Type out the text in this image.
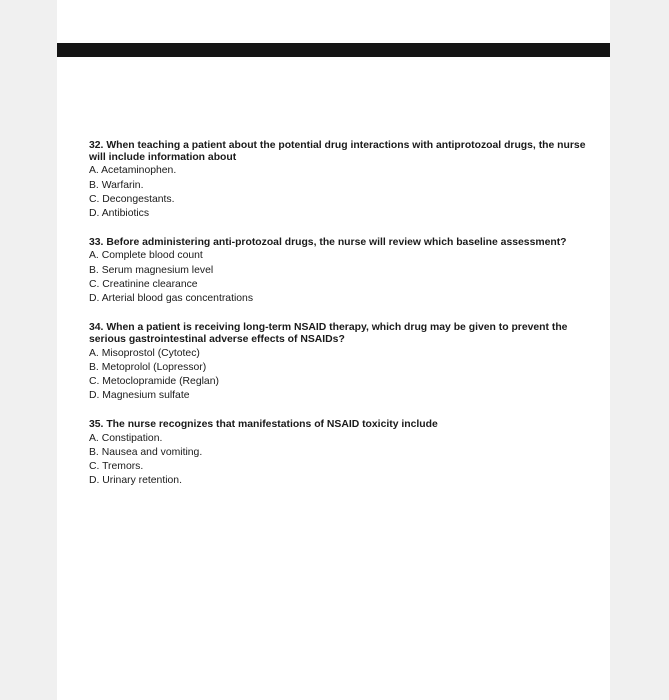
32. When teaching a patient about the potential drug interactions with antiprotozoal drugs, the nurse will include information about

A. Acetaminophen.
B. Warfarin.
C. Decongestants.
D. Antibiotics

33. Before administering anti-protozoal drugs, the nurse will review which baseline assessment?

A. Complete blood count
B. Serum magnesium level
C. Creatinine clearance
D. Arterial blood gas concentrations

34. When a patient is receiving long-term NSAID therapy, which drug may be given to prevent the serious gastrointestinal adverse effects of NSAIDs?

A. Misoprostol (Cytotec)
B. Metoprolol (Lopressor)
C. Metoclopramide (Reglan)
D. Magnesium sulfate

35. The nurse recognizes that manifestations of NSAID toxicity include

A. Constipation.
B. Nausea and vomiting.
C. Tremors.
D. Urinary retention.
